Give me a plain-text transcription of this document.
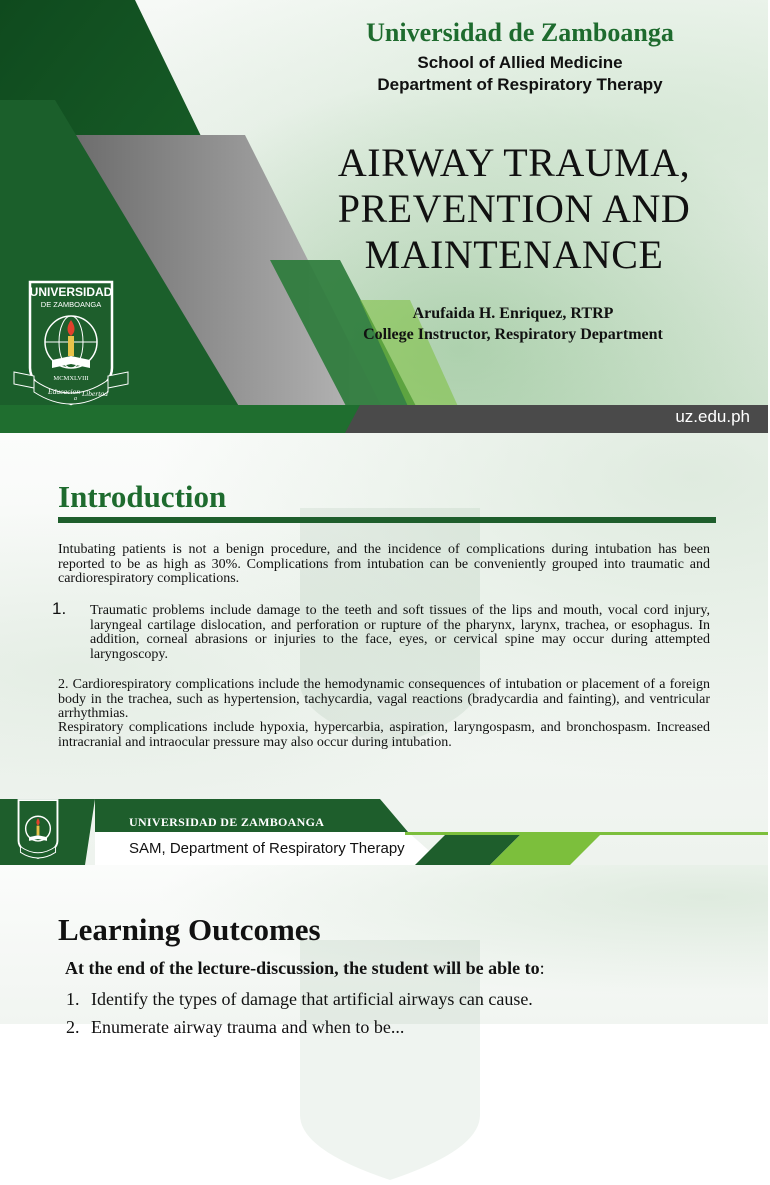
UNIVERSIDAD
DE ZAMBOANGA
MCMXLVIII
Educacion
a
Libertad
Universidad de Zamboanga
School of Allied Medicine
Department of Respiratory Therapy
AIRWAY TRAUMA,
PREVENTION AND
MAINTENANCE
Arufaida H. Enriquez, RTRP
College Instructor, Respiratory Department
uz.edu.ph
Introduction

Intubating patients is not a benign procedure, and the incidence of complications during intubation has been reported to be as high as 30%. Complications from intubation can be conveniently grouped into traumatic and cardiorespiratory complications.

1. Traumatic problems include damage to the teeth and soft tissues of the lips and mouth, vocal cord injury, laryngeal cartilage dislocation, and perforation or rupture of the pharynx, larynx, trachea, or esophagus. In addition, corneal abrasions or injuries to the face, eyes, or cervical spine may occur during attempted laryngoscopy.

2. Cardiorespiratory complications include the hemodynamic consequences of intubation or placement of a foreign body in the trachea, such as hypertension, tachycardia, vagal reactions (bradycardia and fainting), and ventricular arrhythmias.

Respiratory complications include hypoxia, hypercarbia, aspiration, laryngospasm, and bronchospasm. Increased intracranial and intraocular pressure may also occur during intubation.

UNIVERSIDAD DE ZAMBOANGA
SAM, Department of Respiratory Therapy
Learning Outcomes
At the end of the lecture-discussion, the student will be able to:
1. Identify the types of damage that artificial airways can cause.
2. Enumerate airway trauma and when to be...
